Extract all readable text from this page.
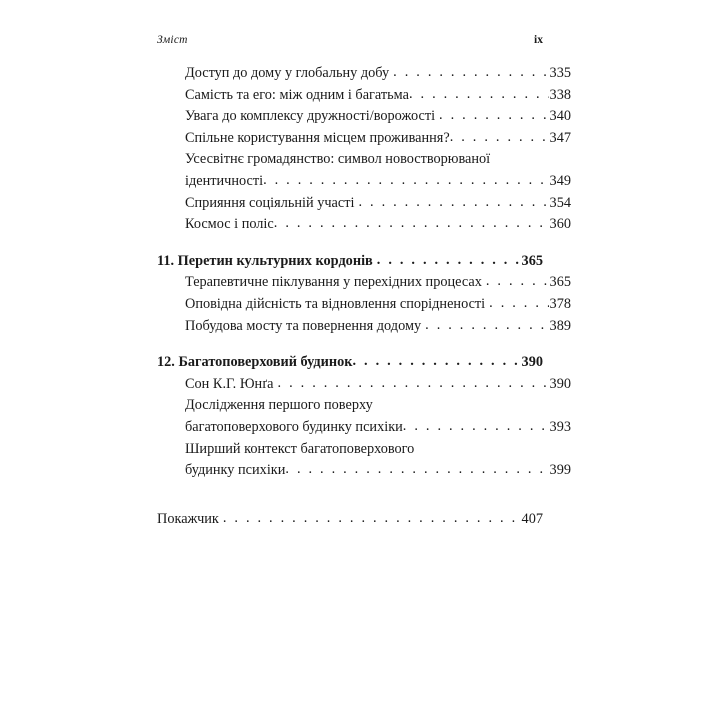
Зміст	ix
Доступ до дому у глобальну добу . . .	335
Самість та его: між одним і багатьма . . .	338
Увага до комплексу дружності/ворожості . . .	340
Спільне користування місцем проживання? . . .	347
Усесвітнє громадянство: символ новостворюваної
ідентичності . . .	349
Сприяння соціяльній участі . . .	354
Космос і поліс . . .	360
11. Перетин культурних кордонів . . .	365
Терапевтичне піклування у перехідних процесах . . .	365
Оповідна дійсність та відновлення спорідненості . . .	378
Побудова мосту та повернення додому . . .	389
12. Багатоповерховий будинок . . .	390
Сон К.Г. Юнґа . . .	390
Дослідження першого поверху
багатоповерхового будинку психіки . . .	393
Ширший контекст багатоповерхового
будинку психіки . . .	399
Покажчик . . .	407
